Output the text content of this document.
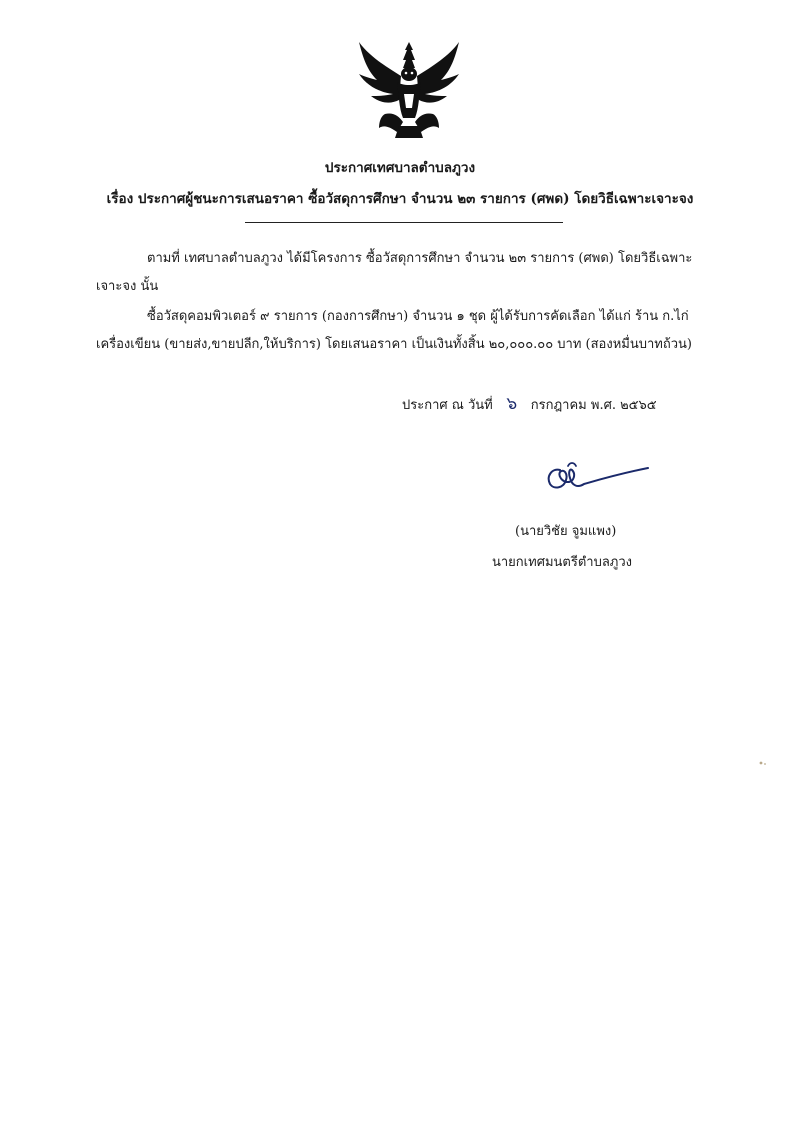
ประกาศเทศบาลตำบลภูวง
เรื่อง ประกาศผู้ชนะการเสนอราคา ซื้อวัสดุการศึกษา จำนวน ๒๓ รายการ (ศพด) โดยวิธีเฉพาะเจาะจง
ตามที่ เทศบาลตำบลภูวง ได้มีโครงการ ซื้อวัสดุการศึกษา จำนวน ๒๓ รายการ (ศพด) โดยวิธีเฉพาะ
เจาะจง นั้น
ซื้อวัสดุคอมพิวเตอร์ ๙ รายการ (กองการศึกษา) จำนวน ๑ ชุด ผู้ได้รับการคัดเลือก ได้แก่ ร้าน ก.ไก่
เครื่องเขียน (ขายส่ง,ขายปลีก,ให้บริการ) โดยเสนอราคา เป็นเงินทั้งสิ้น ๒๐,๐๐๐.๐๐ บาท (สองหมื่นบาทถ้วน)
ประกาศ ณ วันที่ ๖ กรกฎาคม พ.ศ. ๒๕๖๕
(นายวิชัย จูมแพง)
นายกเทศมนตรีตำบลภูวง
